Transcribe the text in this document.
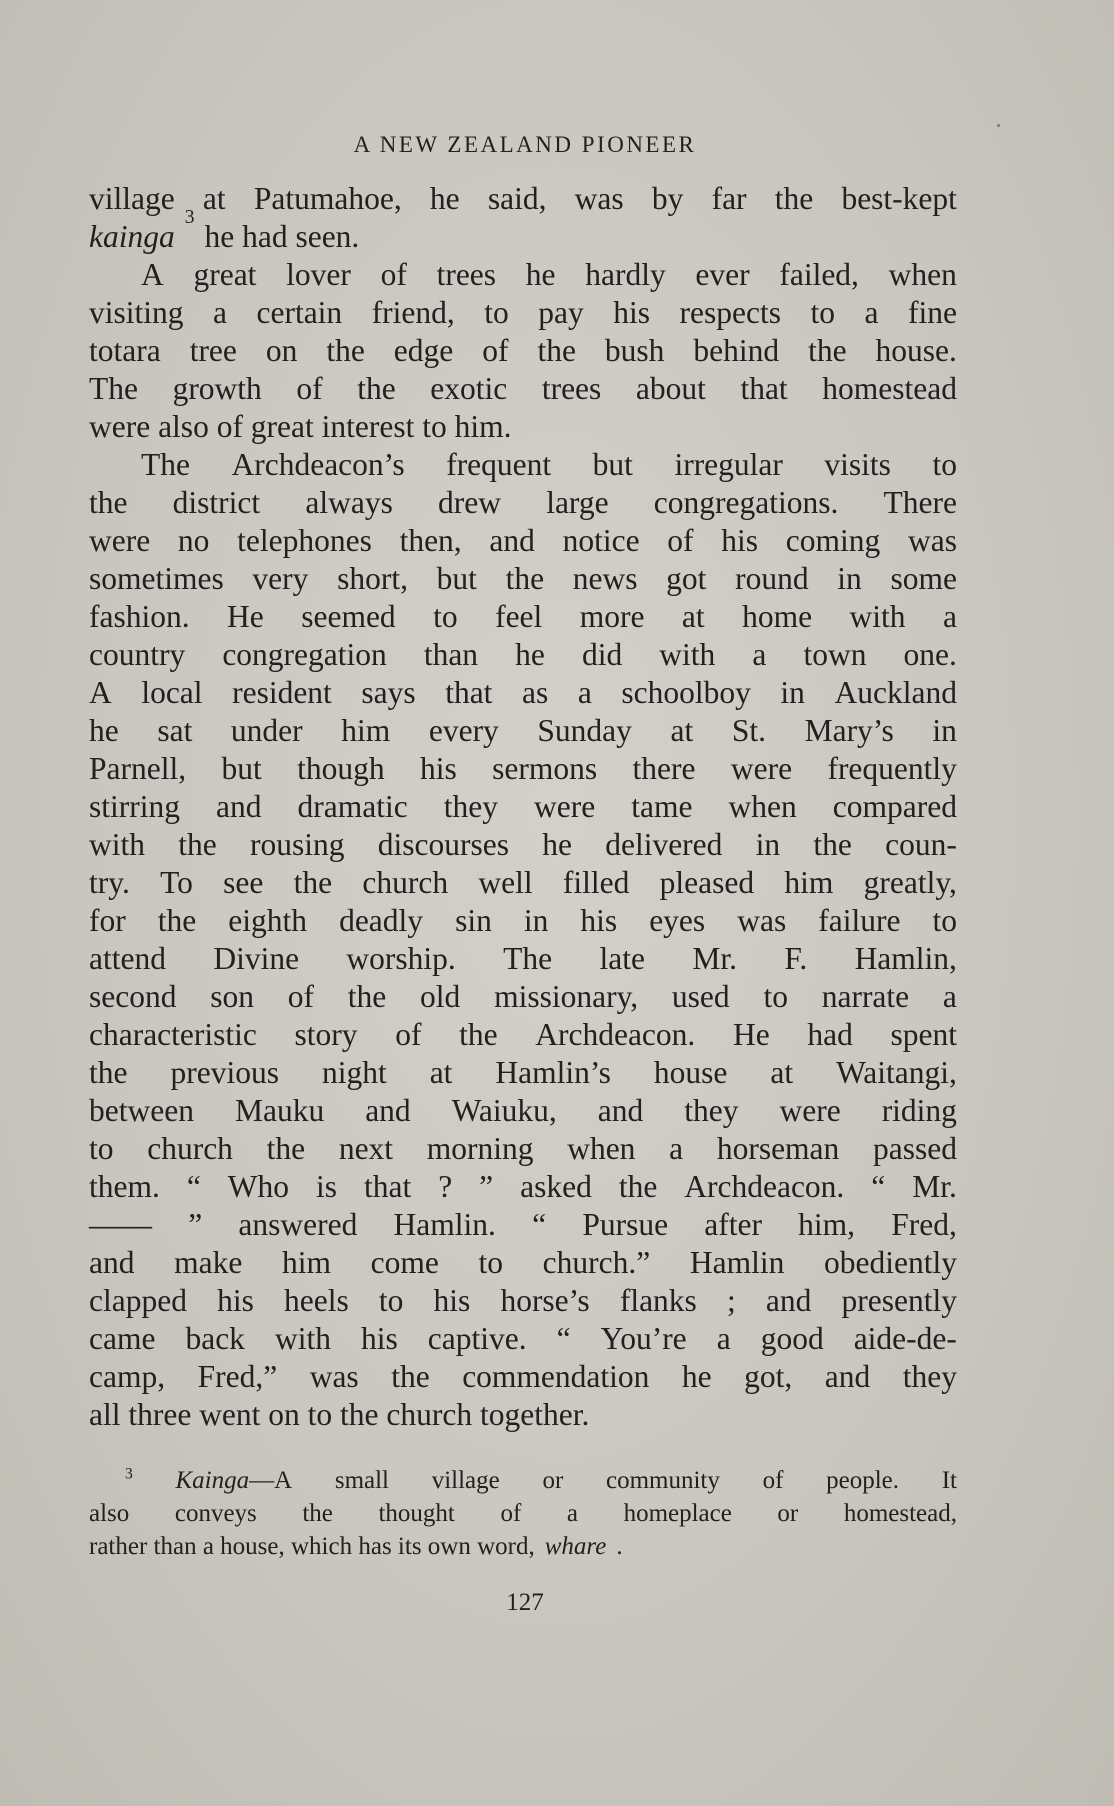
A NEW ZEALAND PIONEER
village at Patumahoe, he said, was by far the best-kept
kainga
3
he had seen.
A great lover of trees he hardly ever failed, when
visiting a certain friend, to pay his respects to a fine
totara tree on the edge of the bush behind the house.
The growth of the exotic trees about that homestead
were also of great interest to him.
The Archdeacon’s frequent but irregular visits to
the district always drew large congregations. There
were no telephones then, and notice of his coming was
sometimes very short, but the news got round in some
fashion. He seemed to feel more at home with a
country congregation than he did with a town one.
A local resident says that as a schoolboy in Auckland
he sat under him every Sunday at St. Mary’s in
Parnell, but though his sermons there were frequently
stirring and dramatic they were tame when compared
with the rousing discourses he delivered in the coun-
try. To see the church well filled pleased him greatly,
for the eighth deadly sin in his eyes was failure to
attend Divine worship. The late Mr. F. Hamlin,
second son of the old missionary, used to narrate a
characteristic story of the Archdeacon. He had spent
the previous night at Hamlin’s house at Waitangi,
between Mauku and Waiuku, and they were riding
to church the next morning when a horseman passed
them. “ Who is that ? ” asked the Archdeacon. “ Mr.
—— ” answered Hamlin. “ Pursue after him, Fred,
and make him come to church.” Hamlin obediently
clapped his heels to his horse’s flanks ; and presently
came back with his captive. “ You’re a good aide-de-
camp, Fred,” was the commendation he got, and they
all three went on to the church together.
$^3$ Kainga—A small village or community of people. It
also conveys the thought of a homeplace or homestead,
rather than a house, which has its own word, whare .
127
